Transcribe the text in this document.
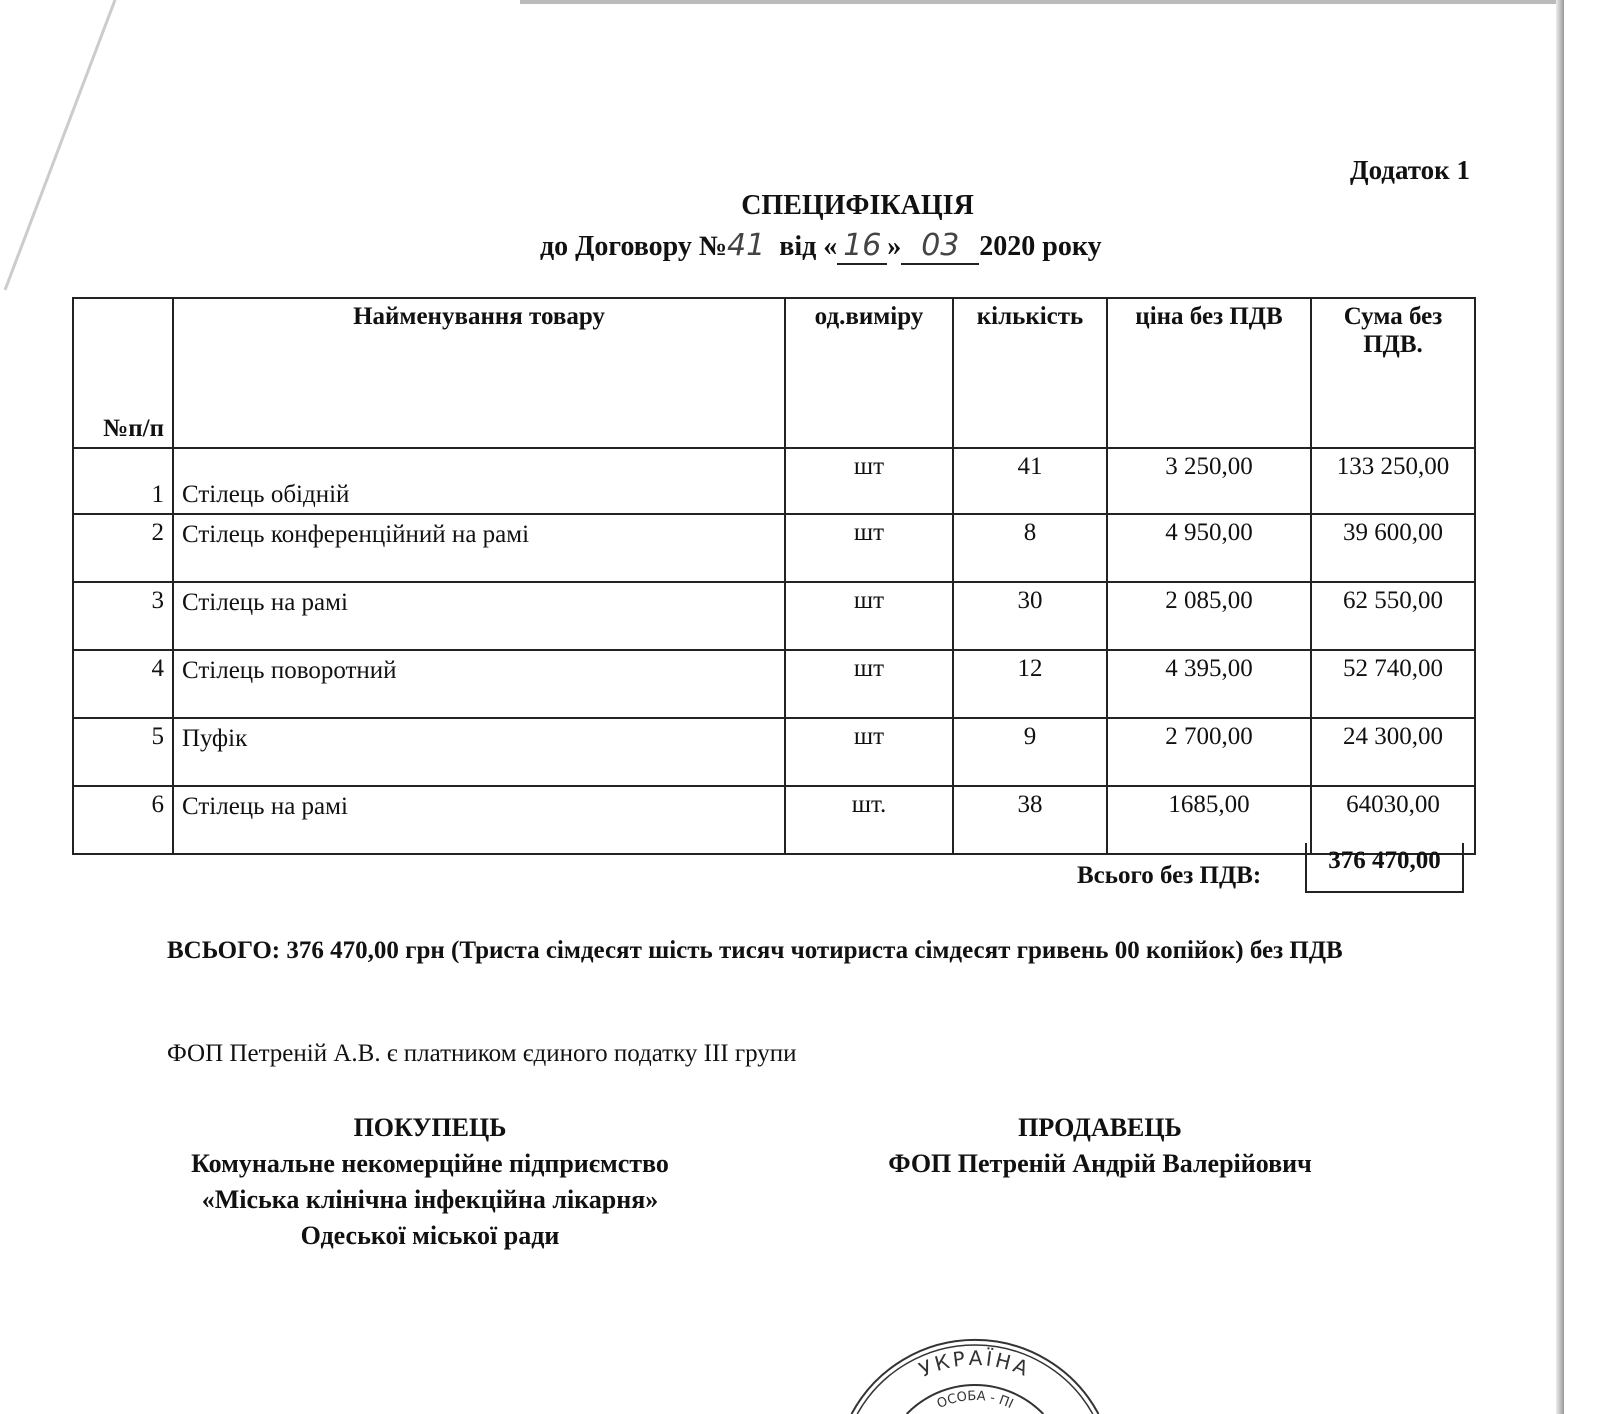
Додаток 1
СПЕЦИФІКАЦІЯ
до Договору №41 від « 16 » 03 2020 року
№п/п	Найменування товару	од.виміру	кількість	ціна без ПДВ	Сума без ПДВ.
1	Стілець обідній	шт	41	3 250,00	133 250,00
2	Стілець конференційний на рамі	шт	8	4 950,00	39 600,00
3	Стілець на рамі	шт	30	2 085,00	62 550,00
4	Стілець поворотний	шт	12	4 395,00	52 740,00
5	Пуфік	шт	9	2 700,00	24 300,00
6	Стілець на рамі	шт.	38	1685,00	64030,00
Всього без ПДВ:
376 470,00
ВСЬОГО: 376 470,00 грн (Триста сімдесят шість тисяч чотириста сімдесят гривень 00 копійок) без ПДВ
ФОП Петреній А.В. є платником єдиного податку ІІІ групи
ПОКУПЕЦЬ
Комунальне некомерційне підприємство «Міська клінічна інфекційна лікарня» Одеської міської ради
ПРОДАВЕЦЬ
ФОП Петреній Андрій Валерійович
УКРАЇНА
ОСОБА - ПІ
